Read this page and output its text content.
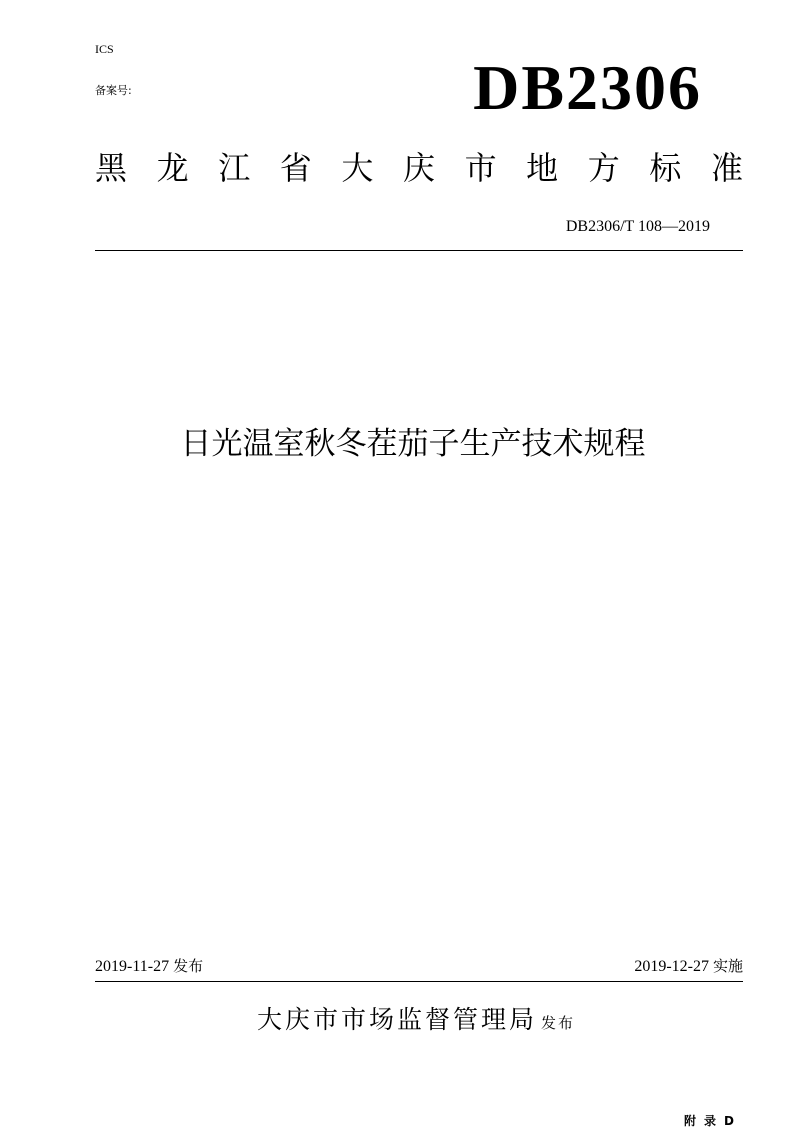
ICS
备案号:	DB2306
黑 龙 江 省 大 庆 市 地 方 标 准
DB2306/T 108—2019
日光温室秋冬茬茄子生产技术规程
2019-11-27 发布	2019-12-27 实施
大庆市市场监督管理局 发布
附录D
